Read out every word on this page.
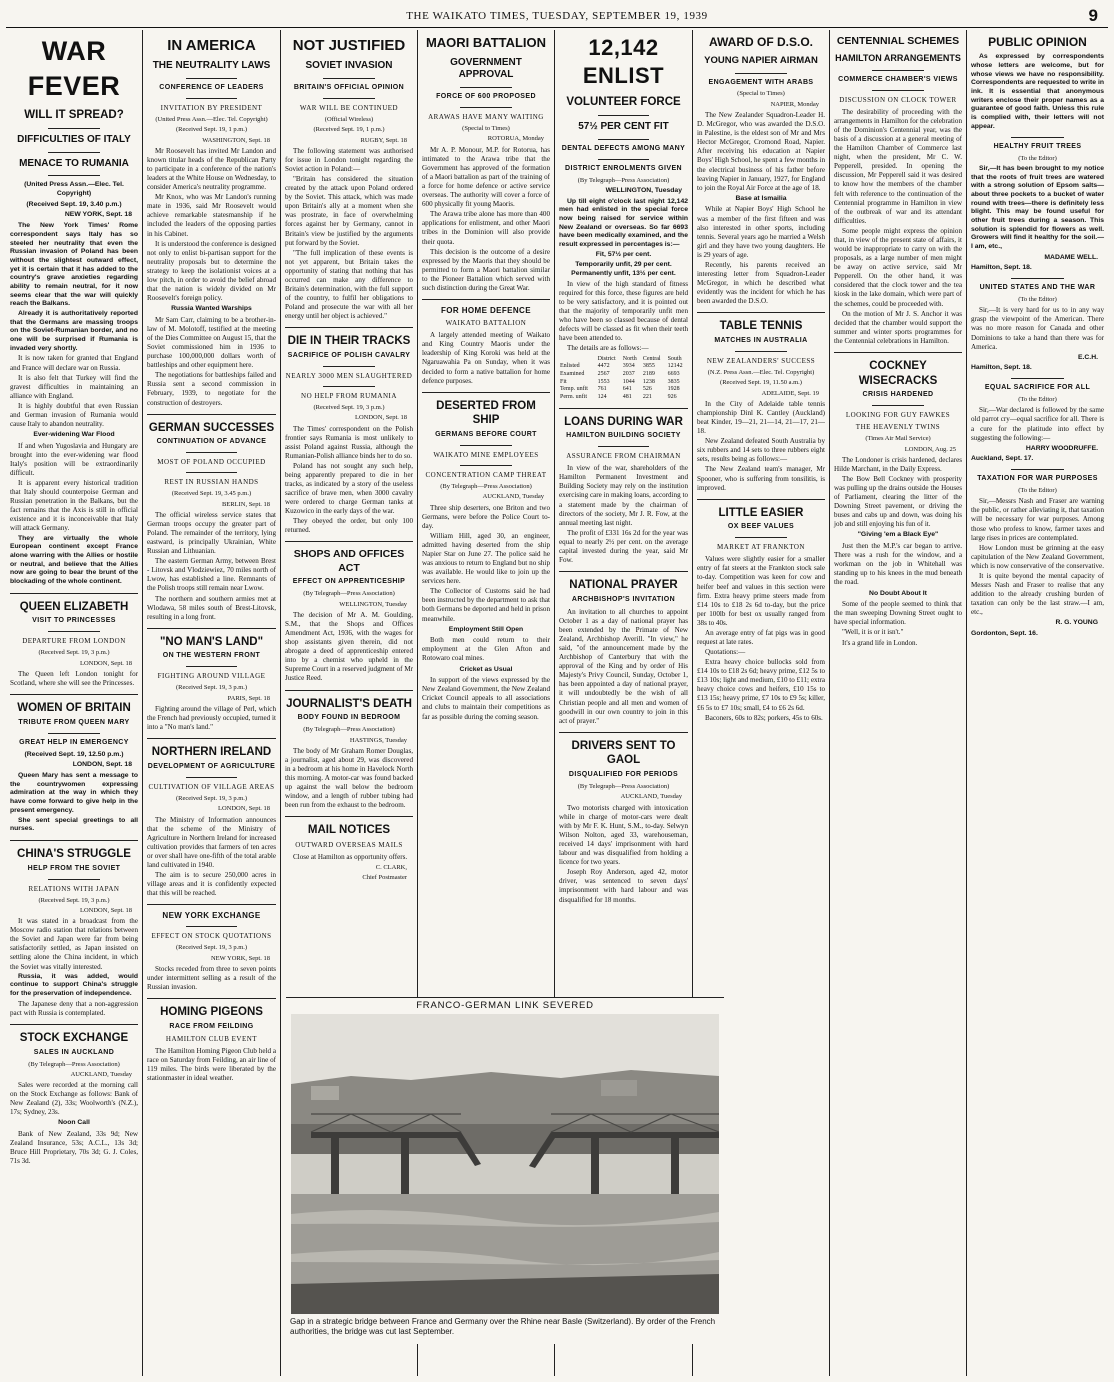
THE WAIKATO TIMES, TUESDAY, SEPTEMBER 19, 1939	9
WAR FEVER
WILL IT SPREAD?
DIFFICULTIES OF ITALY
MENACE TO RUMANIA
(United Press Assn.—Elec. Tel. Copyright)
(Received Sept. 19, 3.40 p.m.)
NEW YORK, Sept. 18

The New York Times' Rome correspondent says Italy has so steeled her neutrality that even the Russian invasion of Poland has been without the slightest outward effect, yet it is certain that it has added to the country's grave anxieties regarding ability to remain neutral, for it now seems clear that the war will quickly reach the Balkans.

Already it is authoritatively reported that the Germans are massing troops on the Soviet-Rumanian border, and no one will be surprised if Rumania is invaded very shortly.

It is now taken for granted that England and France will declare war on Russia.

It is also felt that Turkey will find the gravest difficulties in maintaining an alliance with England.

It is highly doubtful that even Russian and German invasion of Rumania would cause Italy to abandon neutrality.

Ever-widening War Flood

If and when Yugoslavia and Hungary are brought into the ever-widening war flood Italy's position will be extraordinarily difficult.

It is apparent every historical tradition that Italy should counterpoise German and Russian penetration in the Balkans, but the fact remains that the Axis is still in official existence and it is inconceivable that Italy will attack Germany.

They are virtually the whole European continent except France alone warring with the Allies or hostile or neutral, and believe that the Allies now are going to bear the brunt of the blockading of the whole continent.

QUEEN ELIZABETH
VISIT TO PRINCESSES
DEPARTURE FROM LONDON
(Received Sept. 19, 3 p.m.)
LONDON, Sept. 18

The Queen left London tonight for Scotland, where she will see the Princesses.

WOMEN OF BRITAIN
TRIBUTE FROM QUEEN MARY
GREAT HELP IN EMERGENCY
(Received Sept. 19, 12.50 p.m.)
LONDON, Sept. 18

Queen Mary has sent a message to the countrywomen expressing admiration at the way in which they have come forward to give help in the present emergency.

She sent special greetings to all nurses.

CHINA'S STRUGGLE
HELP FROM THE SOVIET
RELATIONS WITH JAPAN
(Received Sept. 19, 3 p.m.)
LONDON, Sept. 18

It was stated in a broadcast from the Moscow radio station that relations between the Soviet and Japan were far from being satisfactorily settled, as Japan insisted on settling alone the China incident, in which the Soviet was vitally interested.

Russia, it was added, would continue to support China's struggle for the preservation of independence.

The Japanese deny that a non-aggression pact with Russia is contemplated.

STOCK EXCHANGE
SALES IN AUCKLAND
(By Telegraph—Press Association)
AUCKLAND, Tuesday

Sales were recorded at the morning call on the Stock Exchange as follows: Bank of New Zealand (2), 33s; Woolworth's (N.Z.), 17s; Sydney, 23s.

Noon Call

Bank of New Zealand, 33s 9d; New Zealand Insurance, 53s; A.C.L., 13s 3d; Bruce Hill Proprietary, 70s 3d; G. J. Coles, 71s 3d.

IN AMERICA
THE NEUTRALITY LAWS
CONFERENCE OF LEADERS
INVITATION BY PRESIDENT
(United Press Assn.—Elec. Tel. Copyright)
(Received Sept. 19, 1 p.m.)
WASHINGTON, Sept. 18

Mr Roosevelt has invited Mr Landon and known titular heads of the Republican Party to participate in a conference of the nation's leaders at the White House on Wednesday, to consider America's neutrality programme.

Mr Knox, who was Mr Landon's running mate in 1936, said Mr Roosevelt would achieve remarkable statesmanship if he included the leaders of the opposing parties in his Cabinet.

It is understood the conference is designed not only to enlist bi-partisan support for the neutrality proposals but to determine the strategy to keep the isolationist voices at a low pitch, in order to avoid the belief abroad that the nation is widely divided on Mr Roosevelt's foreign policy.

Russia Wanted Warships

Mr Sam Carr, claiming to be a brother-in-law of M. Molotoff, testified at the meeting of the Dies Committee on August 15, that the Soviet commissioned him in 1936 to purchase 100,000,000 dollars worth of battleships and other equipment here.

The negotiations for battleships failed and Russia sent a second commission in February, 1939, to negotiate for the construction of destroyers.

GERMAN SUCCESSES
CONTINUATION OF ADVANCE
MOST OF POLAND OCCUPIED
REST IN RUSSIAN HANDS
(Received Sept. 19, 3.45 p.m.)
BERLIN, Sept. 18

The official wireless service states that German troops occupy the greater part of Poland. The remainder of the territory, lying eastward, is principally Ukrainian, White Russian and Lithuanian.

The eastern German Army, between Brest - Litovsk and Vlodziewiez, 70 miles north of Lwow, has established a line. Remnants of the Polish troops still remain near Lwow.

The northern and southern armies met at Wlodawa, 58 miles south of Brest-Litovsk, resulting in a long front.

"NO MAN'S LAND"
ON THE WESTERN FRONT
FIGHTING AROUND VILLAGE
(Received Sept. 19, 3 p.m.)
PARIS, Sept. 18

Fighting around the village of Perl, which the French had previously occupied, turned it into a "No man's land."

NORTHERN IRELAND
DEVELOPMENT OF AGRICULTURE
CULTIVATION OF VILLAGE AREAS
(Received Sept. 19, 3 p.m.)
LONDON, Sept. 18

The Ministry of Information announces that the scheme of the Ministry of Agriculture in Northern Ireland for increased cultivation provides that farmers of ten acres or over shall have one-fifth of the total arable land cultivated in 1940.

The aim is to secure 250,000 acres in village areas and it is confidently expected that this will be reached.

NEW YORK EXCHANGE
EFFECT ON STOCK QUOTATIONS
(Received Sept. 19, 3 p.m.)
NEW YORK, Sept. 18

Stocks receded from three to seven points under intermittent selling as a result of the Russian invasion.

HOMING PIGEONS
RACE FROM FEILDING
HAMILTON CLUB EVENT

The Hamilton Homing Pigeon Club held a race on Saturday from Feilding, an air line of 119 miles. The birds were liberated by the stationmaster in ideal weather.

NOT JUSTIFIED
SOVIET INVASION
BRITAIN'S OFFICIAL OPINION
WAR WILL BE CONTINUED
(Official Wireless)
(Received Sept. 19, 1 p.m.)
RUGBY, Sept. 18

The following statement was authorised for issue in London tonight regarding the Soviet action in Poland:—

"Britain has considered the situation created by the attack upon Poland ordered by the Soviet. This attack, which was made upon Britain's ally at a moment when she was prostrate, in face of overwhelming forces against her by Germany, cannot in Britain's view be justified by the arguments put forward by the Soviet.

"The full implication of these events is not yet apparent, but Britain takes the opportunity of stating that nothing that has occurred can make any difference to Britain's determination, with the full support of the country, to fulfil her obligations to Poland and prosecute the war with all her energy until her object is achieved."

DIE IN THEIR TRACKS
SACRIFICE OF POLISH CAVALRY
NEARLY 3000 MEN SLAUGHTERED
NO HELP FROM RUMANIA
(Received Sept. 19, 3 p.m.)
LONDON, Sept. 18

The Times' correspondent on the Polish frontier says Rumania is most unlikely to assist Poland against Russia, although the Rumanian-Polish alliance binds her to do so.

Poland has not sought any such help, being apparently prepared to die in her tracks, as indicated by a story of the useless sacrifice of brave men, when 3000 cavalry were ordered to charge German tanks at Kuzowico in the early days of the war.

They obeyed the order, but only 100 returned.

SHOPS AND OFFICES ACT
EFFECT ON APPRENTICESHIP
(By Telegraph—Press Association)
WELLINGTON, Tuesday

The decision of Mr A. M. Goulding, S.M., that the Shops and Offices Amendment Act, 1936, with the wages for shop assistants given therein, did not abrogate a deed of apprenticeship entered into by a chemist who upheld in the Supreme Court in a reserved judgment of Mr Justice Reed.

JOURNALIST'S DEATH
BODY FOUND IN BEDROOM
(By Telegraph—Press Association)
HASTINGS, Tuesday

The body of Mr Graham Romer Douglas, a journalist, aged about 29, was discovered in a bedroom at his home in Havelock North this morning. A motor-car was found backed up against the wall below the bedroom window, and a length of rubber tubing had been run from the exhaust to the bedroom.

MAIL NOTICES
OUTWARD OVERSEAS MAILS

Close at Hamilton as opportunity offers.

C. CLARK,
Chief Postmaster
MAORI BATTALION
GOVERNMENT APPROVAL
FORCE OF 600 PROPOSED
ARAWAS HAVE MANY WAITING
(Special to Times)
ROTORUA, Monday

Mr A. P. Monour, M.P. for Rotorua, has intimated to the Arawa tribe that the Government has approved of the formation of a Maori battalion as part of the training of a force for home defence or active service overseas. The authority will cover a force of 600 physically fit young Maoris.

The Arawa tribe alone has more than 400 applications for enlistment, and other Maori tribes in the Dominion will also provide their quota.

This decision is the outcome of a desire expressed by the Maoris that they should be permitted to form a Maori battalion similar to the Pioneer Battalion which served with such distinction during the Great War.

FOR HOME DEFENCE
WAIKATO BATTALION

A largely attended meeting of Waikato and King Country Maoris under the leadership of King Koroki was held at the Ngaruawahia Pa on Sunday, when it was decided to form a native battalion for home defence purposes.

DESERTED FROM SHIP
GERMANS BEFORE COURT
WAIKATO MINE EMPLOYEES
CONCENTRATION CAMP THREAT
(By Telegraph—Press Association)
AUCKLAND, Tuesday

Three ship deserters, one Briton and two Germans, were before the Police Court to-day.

William Hill, aged 30, an engineer, admitted having deserted from the ship Napier Star on June 27. The police said he was anxious to return to England but no ship was available. He would like to join up the services here.

The Collector of Customs said he had been instructed by the department to ask that both Germans be deported and held in prison meanwhile.

Employment Still Open

Both men could return to their employment at the Glen Afton and Rotowaro coal mines.

Cricket as Usual

In support of the views expressed by the New Zealand Government, the New Zealand Cricket Council appeals to all associations and clubs to maintain their competitions as far as possible during the coming season.

12,142 ENLIST
VOLUNTEER FORCE
57½ PER CENT FIT
DENTAL DEFECTS AMONG MANY
DISTRICT ENROLMENTS GIVEN
(By Telegraph—Press Association)
WELLINGTON, Tuesday

Up till eight o'clock last night 12,142 men had enlisted in the special force now being raised for service within New Zealand or overseas. So far 6693 have been medically examined, and the result expressed in percentages is:—

Fit, 57½ per cent.

Temporarily unfit, 29 per cent.

Permanently unfit, 13½ per cent.

In view of the high standard of fitness required for this force, these figures are held to be very satisfactory, and it is pointed out that the majority of temporarily unfit men who have been so classed because of dental defects will be classed as fit when their teeth have been attended to.

The details are as follows:—

	District	North	Central	South
Enlisted	4472	3934	3855	12142
Examined	2567	2037	2189	6693
Fit	1553	1044	1238	3835
Temp. unfit	761	641	526	1928
Perm. unfit	124	481	221	926
LOANS DURING WAR
HAMILTON BUILDING SOCIETY
ASSURANCE FROM CHAIRMAN

In view of the war, shareholders of the Hamilton Permanent Investment and Building Society may rely on the institution exercising care in making loans, according to a statement made by the chairman of directors of the society, Mr J. R. Fow, at the annual meeting last night.

The profit of £331 16s 2d for the year was equal to nearly 2½ per cent. on the average capital invested during the year, said Mr Fow.

NATIONAL PRAYER
ARCHBISHOP'S INVITATION

An invitation to all churches to appoint October 1 as a day of national prayer has been extended by the Primate of New Zealand, Archbishop Averill. "In view," he said, "of the announcement made by the Archbishop of Canterbury that with the approval of the King and by order of His Majesty's Privy Council, Sunday, October 1, has been appointed a day of national prayer, it will undoubtedly be the wish of all Christian people and all men and women of goodwill in our own country to join in this act of prayer."

DRIVERS SENT TO GAOL
DISQUALIFIED FOR PERIODS
(By Telegraph—Press Association)
AUCKLAND, Tuesday

Two motorists charged with intoxication while in charge of motor-cars were dealt with by Mr F. K. Hunt, S.M., to-day. Selwyn Wilson Nolton, aged 33, warehouseman, received 14 days' imprisonment with hard labour and was disqualified from holding a licence for two years.

Joseph Roy Anderson, aged 42, motor driver, was sentenced to seven days' imprisonment with hard labour and was disqualified for 18 months.

AWARD OF D.S.O.
YOUNG NAPIER AIRMAN
ENGAGEMENT WITH ARABS
(Special to Times)
NAPIER, Monday

The New Zealander Squadron-Leader H. D. McGregor, who was awarded the D.S.O. in Palestine, is the eldest son of Mr and Mrs Hector McGregor, Cromond Road, Napier. After receiving his education at Napier Boys' High School, he spent a few months in the electrical business of his father before leaving Napier in January, 1927, for England to join the Royal Air Force at the age of 18.

Base at Ismailia

While at Napier Boys' High School he was a member of the first fifteen and was also interested in other sports, including tennis. Several years ago he married a Welsh girl and they have two young daughters. He is 29 years of age.

Recently, his parents received an interesting letter from Squadron-Leader McGregor, in which he described what evidently was the incident for which he has been awarded the D.S.O.

TABLE TENNIS
MATCHES IN AUSTRALIA
NEW ZEALANDERS' SUCCESS
(N.Z. Press Assn.—Elec. Tel. Copyright)
(Received Sept. 19, 11.50 a.m.)
ADELAIDE, Sept. 19

In the City of Adelaide table tennis championship Dinl K. Cantley (Auckland) beat Kinder, 19—21, 21—14, 21—17, 21—18.

New Zealand defeated South Australia by six rubbers and 14 sets to three rubbers eight sets, results being as follows:—

The New Zealand team's manager, Mr Spooner, who is suffering from tonsilitis, is improved.

LITTLE EASIER
OX BEEF VALUES
MARKET AT FRANKTON

Values were slightly easier for a smaller entry of fat steers at the Frankton stock sale to-day. Competition was keen for cow and heifer beef and values in this section were firm. Extra heavy prime steers made from £14 10s to £18 2s 6d to-day, but the price per 100lb for best ox usually ranged from 38s to 40s.

An average entry of fat pigs was in good request at late rates.

Quotations:—

Extra heavy choice bullocks sold from £14 10s to £18 2s 6d; heavy prime, £12 5s to £13 10s; light and medium, £10 to £11; extra heavy choice cows and heifers, £10 15s to £13 15s; heavy prime, £7 10s to £9 5s; killer, £6 5s to £7 10s; small, £4 to £6 2s 6d.

Baconers, 60s to 82s; porkers, 45s to 60s.

CENTENNIAL SCHEMES
HAMILTON ARRANGEMENTS
COMMERCE CHAMBER'S VIEWS
DISCUSSION ON CLOCK TOWER

The desirability of proceeding with the arrangements in Hamilton for the celebration of the Dominion's Centennial year, was the basis of a discussion at a general meeting of the Hamilton Chamber of Commerce last night, when the president, Mr C. W. Pepperell, presided. In opening the discussion, Mr Pepperell said it was desired to know how the members of the chamber felt with reference to the continuation of the Centennial programme in Hamilton in view of the outbreak of war and its attendant difficulties.

Some people might express the opinion that, in view of the present state of affairs, it would be inappropriate to carry on with the proposals, as a large number of men might be away on active service, said Mr Pepperell. On the other hand, it was considered that the clock tower and the tea kiosk in the lake domain, which were part of the schemes, could be proceeded with.

On the motion of Mr J. S. Anchor it was decided that the chamber would support the summer and winter sports programmes for the Centennial celebrations in Hamilton.

COCKNEY WISECRACKS
CRISIS HARDENED
LOOKING FOR GUY FAWKES
THE HEAVENLY TWINS
(Times Air Mail Service)
LONDON, Aug. 25

The Londoner is crisis hardened, declares Hilde Marchant, in the Daily Express.

The Bow Bell Cockney with prosperity was pulling up the drains outside the Houses of Parliament, clearing the litter of the Downing Street pavement, or driving the buses and cabs up and down, was doing his job and still enjoying his fun of it.

"Giving 'em a Black Eye"

Just then the M.P.'s car began to arrive. There was a rush for the window, and a workman on the job in Whitehall was standing up to his knees in the mud beneath the road.

No Doubt About It

Some of the people seemed to think that the man sweeping Downing Street ought to have special information.

"Well, it is or it isn't."

It's a grand life in London.

PUBLIC OPINION

As expressed by correspondents whose letters are welcome, but for whose views we have no responsibility. Correspondents are requested to write in ink. It is essential that anonymous writers enclose their proper names as a guarantee of good faith. Unless this rule is complied with, their letters will not appear.

HEALTHY FRUIT TREES
(To the Editor)

Sir,—It has been brought to my notice that the roots of fruit trees are watered with a strong solution of Epsom salts—about three pockets to a bucket of water round with trees—there is definitely less blight. This may be found useful for other fruit trees during a season. This solution is splendid for flowers as well. Growers will find it healthy for the soil.—I am, etc.,

MADAME WELL.
Hamilton, Sept. 18.
UNITED STATES AND THE WAR
(To the Editor)

Sir,—It is very hard for us to in any way grasp the viewpoint of the American. There was no more reason for Canada and other Dominions to take a hand than there was for America.

E.C.H.
Hamilton, Sept. 18.
EQUAL SACRIFICE FOR ALL
(To the Editor)

Sir,—War declared is followed by the same old parrot cry—equal sacrifice for all. There is a cure for the platitude into effect by suggesting the following:—

HARRY WOODRUFFE.
Auckland, Sept. 17.
TAXATION FOR WAR PURPOSES
(To the Editor)

Sir,—Messrs Nash and Fraser are warning the public, or rather alleviating it, that taxation will be necessary for war purposes. Among those who profess to know, farmer taxes and large rises in prices are contemplated.

How London must be grinning at the easy capitulation of the New Zealand Government, which is now conservative of the conservative.

It is quite beyond the mental capacity of Messrs Nash and Fraser to realise that any addition to the already crushing burden of taxation can only be the last straw.—I am, etc.,

R. G. YOUNG
Gordonton, Sept. 16.
FRANCO-GERMAN LINK SEVERED
Gap in a strategic bridge between France and Germany over the Rhine near Basle (Switzerland). By order of the French authorities, the bridge was cut last September.
